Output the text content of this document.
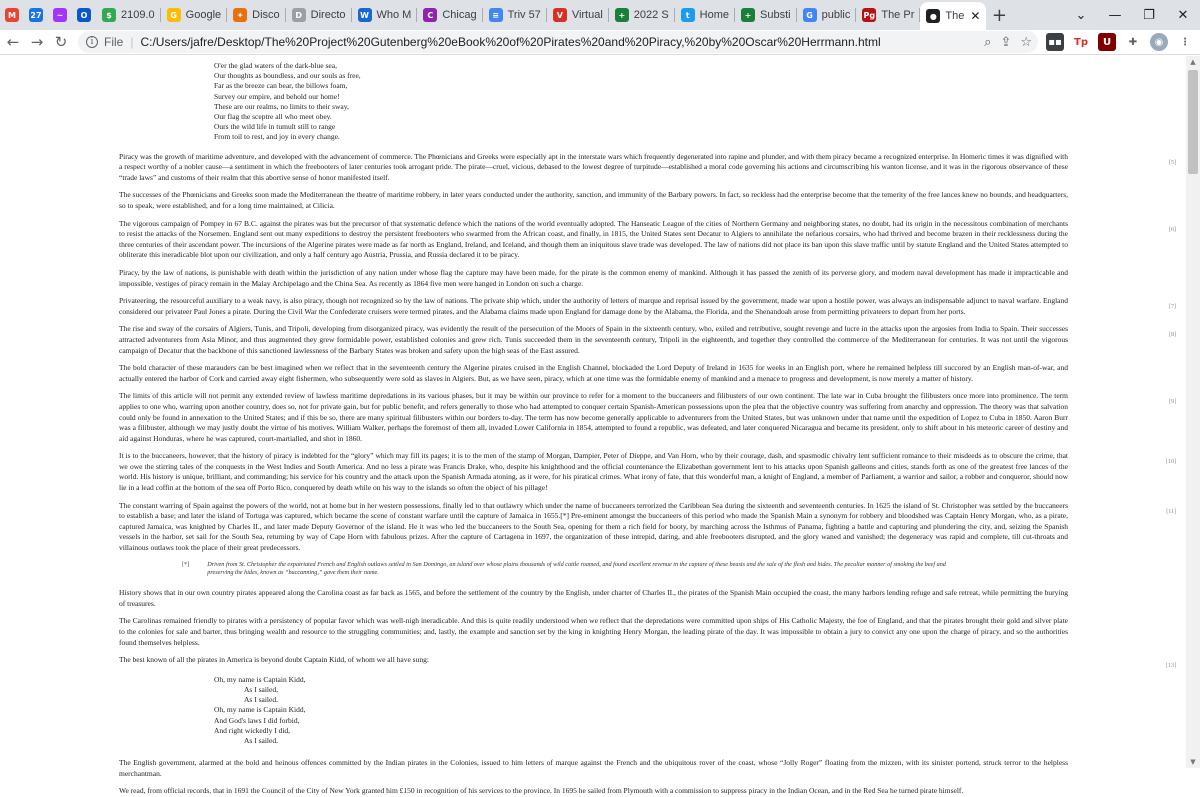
M	27	~	O	$ 2109.0	G Google	✦ Disco	D Directo	W Who M	C Chicag	≡ Triv 57	V Virtual	+ 2022 S	t Home	+ Substi	G public Pg The Pr	● The ✕ +	⌄	—	❐	✕
← → ↻	i File | C:/Users/jafre/Desktop/The%20Project%20Gutenberg%20eBook%20of%20Pirates%20and%20Piracy,%20by%20Oscar%20Herrmann.html	⌕ ⇪ ☆ ▪▪ Tp	U	✚	◉	⋮
O'er the glad waters of the dark-blue sea,
Our thoughts as boundless, and our souls as free,
Far as the breeze can bear, the billows foam,
Survey our empire, and behold our home!
These are our realms, no limits to their sway,
Our flag the sceptre all who meet obey.
Ours the wild life in tumult still to range
From toil to rest, and joy in every change.

Piracy was the growth of maritime adventure, and developed with the advancement of commerce. The Phœnicians and Greeks were especially apt in the interstate wars which frequently degenerated into rapine and plunder, and with them piracy became a recognized enterprise. In Homeric times it was dignified with a respect worthy of a nobler cause—a sentiment in which the freebooters of later centuries took arrogant pride. The pirate—cruel, vicious, debased to the lowest degree of turpitude—established a moral code governing his actions and circumscribing his wanton license, and it was in the rigorous observance of these “trade laws” and customs of their realm that this abortive sense of honor manifested itself.
[5]

The successes of the Phœnicians and Greeks soon made the Mediterranean the theatre of maritime robbery, in later years conducted under the authority, sanction, and immunity of the Barbary powers. In fact, so reckless had the enterprise become that the temerity of the free lances knew no bounds, and headquarters, so to speak, were established, and for a long time maintained, at Cilicia.

The vigorous campaign of Pompey in 67 B.C. against the pirates was but the precursor of that systematic defence which the nations of the world eventually adopted. The Hanseatic League of the cities of Northern Germany and neighboring states, no doubt, had its origin in the necessitous combination of merchants to resist the attacks of the Norsemen. England sent out many expeditions to destroy the persistent freebooters who swarmed from the African coast, and finally, in 1815, the United States sent Decatur to Algiers to annihilate the nefarious corsairs, who had thrived and become brazen in their recklessness during the three centuries of their ascendant power. The incursions of the Algerine pirates were made as far north as England, Ireland, and Iceland, and though them an iniquitous slave trade was developed. The law of nations did not place its ban upon this slave traffic until by statute England and the United States attempted to obliterate this ineradicable blot upon our civilization, and only a half century ago Austria, Prussia, and Russia declared it to be piracy.
[6]

Piracy, by the law of nations, is punishable with death within the jurisdiction of any nation under whose flag the capture may have been made, for the pirate is the common enemy of mankind. Although it has passed the zenith of its perverse glory, and modern naval development has made it impracticable and impossible, vestiges of piracy remain in the Malay Archipelago and the China Sea. As recently as 1864 five men were hanged in London on such a charge.

Privateering, the resourceful auxiliary to a weak navy, is also piracy, though not recognized so by the law of nations. The private ship which, under the authority of letters of marque and reprisal issued by the government, made war upon a hostile power, was always an indispensable adjunct to naval warfare. England considered our privateer Paul Jones a pirate. During the Civil War the Confederate cruisers were termed pirates, and the Alabama claims made upon England for damage done by the Alabama, the Florida, and the Shenandoah arose from permitting privateers to depart from her ports.	[7]

The rise and sway of the corsairs of Algiers, Tunis, and Tripoli, developing from disorganized piracy, was evidently the result of the persecution of the Moors of Spain in the sixteenth century, who, exiled and retributive, sought revenge and lucre in the attacks upon the argosies from India to Spain. Their successes attracted adventurers from Asia Minor, and thus augmented they grew formidable power, established colonies and grew rich. Tunis succeeded them in the seventeenth century, Tripoli in the eighteenth, and together they controlled the commerce of the Mediterranean for centuries. It was not until the vigorous campaign of Decatur that the backbone of this sanctioned lawlessness of the Barbary States was broken and safety upon the high seas of the East assured.
[8]

The bold character of these marauders can be best imagined when we reflect that in the seventeenth century the Algerine pirates cruised in the English Channel, blockaded the Lord Deputy of Ireland in 1635 for weeks in an English port, where he remained helpless till succored by an English man-of-war, and actually entered the harbor of Cork and carried away eight fishermen, who subsequently were sold as slaves in Algiers. But, as we have seen, piracy, which at one time was the formidable enemy of mankind and a menace to progress and development, is now merely a matter of history.

The limits of this article will not permit any extended review of lawless maritime depredations in its various phases, but it may be within our province to refer for a moment to the buccaneers and filibusters of our own continent. The late war in Cuba brought the filibusters once more into prominence. The term applies to one who, warring upon another country, does so, not for private gain, but for public benefit, and refers generally to those who had attempted to conquer certain Spanish-American possessions upon the plea that the objective country was suffering from anarchy and oppression. The theory was that salvation could only be found in annexation to the United States; and if this be so, there are many spiritual filibusters within our borders to-day. The term has now become generally applicable to adventurers from the United States, but was unknown under that name until the expedition of Lopez to Cuba in 1850. Aaron Burr was a filibuster, although we may justly doubt the virtue of his motives. William Walker, perhaps the foremost of them all, invaded Lower California in 1854, attempted to found a republic, was defeated, and later conquered Nicaragua and became its president, only to shift about in his meteoric career of destiny and aid against Honduras, where he was captured, court-martialled, and shot in 1860.
[9]

It is to the buccaneers, however, that the history of piracy is indebted for the “glory” which may fill its pages; it is to the men of the stamp of Morgan, Dampier, Peter of Dieppe, and Van Horn, who by their courage, dash, and spasmodic chivalry lent sufficient romance to their misdeeds as to obscure the crime, that we owe the stirring tales of the conquests in the West Indies and South America. And no less a pirate was Francis Drake, who, despite his knighthood and the official countenance the Elizabethan government lent to his attacks upon Spanish galleons and cities, stands forth as one of the greatest free lances of the world. His history is unique, brilliant, and commanding; his service for his country and the attack upon the Spanish Armada atoning, as it were, for his piratical crimes. What irony of fate, that this wonderful man, a knight of England, a member of Parliament, a warrior and sailor, a robber and conqueror, should now lie in a lead coffin at the bottom of the sea off Porto Rico, conquered by death while on his way to the islands so often the object of his pillage!
[10]

The constant warring of Spain against the powers of the world, not at home but in her western possessions, finally led to that outlawry which under the name of buccaneers terrorized the Caribbean Sea during the sixteenth and seventeenth centuries. In 1625 the island of St. Christopher was settled by the buccaneers to establish a base; and later the island of Tortuga was captured, which became the scene of constant warfare until the capture of Jamaica in 1655.[*] Pre-eminent amongst the buccaneers of this period who made the Spanish Main a synonym for robbery and bloodshed was Captain Henry Morgan, who, as a pirate, captured Jamaica, was knighted by Charles II., and later made Deputy Governor of the island. He it was who led the buccaneers to the South Sea, opening for them a rich field for booty, by marching across the Isthmus of Panama, fighting a battle and capturing and plundering the city, and, seizing the Spanish vessels in the harbor, set sail for the South Sea, returning by way of Cape Horn with fabulous prizes. After the capture of Cartagena in 1697, the organization of these intrepid, daring, and able freebooters disrupted, and the glory waned and vanished; the degeneracy was rapid and complete, till cut-throats and villainous outlaws took the place of their great predecessors.
[11]

[*]	Driven from St. Christopher the expatriated French and English outlaws settled in San Domingo, an island over whose plains thousands of wild cattle roamed, and found excellent revenue in the capture of these beasts and the sale of the flesh and hides. The peculiar manner of smoking the beef and preserving the hides, known as “buccanning,” gave them their name.

History shows that in our own country pirates appeared along the Carolina coast as far back as 1565, and before the settlement of the country by the English, under charter of Charles II., the pirates of the Spanish Main occupied the coast, the many harbors lending refuge and safe retreat, while permitting the burying of treasures.

The Carolinas remained friendly to pirates with a persistency of popular favor which was well-nigh ineradicable. And this is quite readily understood when we reflect that the depredations were committed upon ships of His Catholic Majesty, the foe of England, and that the pirates brought their gold and silver plate to the colonies for sale and barter, thus bringing wealth and resource to the struggling communities; and, lastly, the example and sanction set by the king in knighting Henry Morgan, the leading pirate of the day. It was impossible to obtain a jury to convict any one upon the charge of piracy, and so the authorities found themselves helpless.

The best known of all the pirates in America is beyond doubt Captain Kidd, of whom we all have sung:
[13]

Oh, my name is Captain Kidd,
As I sailed,
As I sailed.
Oh, my name is Captain Kidd,
And God's laws I did forbid,
And right wickedly I did,
As I sailed.

The English government, alarmed at the bold and heinous offences committed by the Indian pirates in the Colonies, issued to him letters of marque against the French and the ubiquitous rover of the coast, whose “Jolly Roger” floating from the mizzen, with its sinister portend, struck terror to the helpless merchantman.

We read, from official records, that in 1691 the Council of the City of New York granted him £150 in recognition of his services to the province. In 1695 he sailed from Plymouth with a commission to suppress piracy in the Indian Ocean, and in the Red Sea he turned pirate himself.

▲
▼
